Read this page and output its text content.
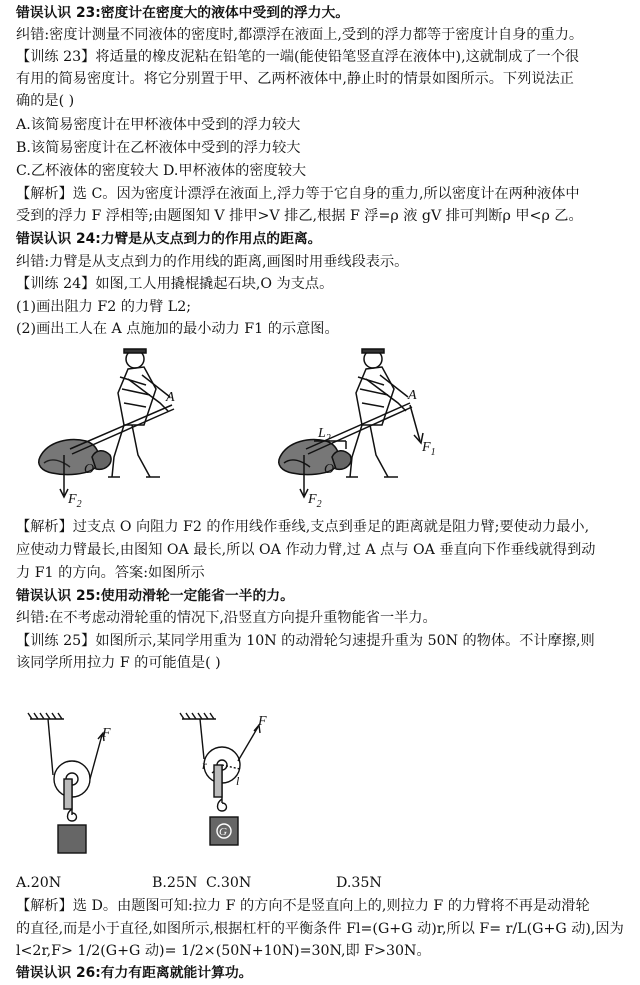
错误认识 23:密度计在密度大的液体中受到的浮力大。
纠错:密度计测量不同液体的密度时,都漂浮在液面上,受到的浮力都等于密度计自身的重力。
【训练 23】将适量的橡皮泥粘在铅笔的一端(能使铅笔竖直浮在液体中),这就制成了一个很
有用的简易密度计。将它分别置于甲、乙两杯液体中,静止时的情景如图所示。下列说法正
确的是( )
A.该简易密度计在甲杯液体中受到的浮力较大
B.该简易密度计在乙杯液体中受到的浮力较大
C.乙杯液体的密度较大 D.甲杯液体的密度较大
【解析】选 C。因为密度计漂浮在液面上,浮力等于它自身的重力,所以密度计在两种液体中
受到的浮力 F 浮相等;由题图知 V 排甲>V 排乙,根据 F 浮=ρ 液 gV 排可判断ρ 甲<ρ 乙。
错误认识 24:力臂是从支点到力的作用点的距离。
纠错:力臂是从支点到力的作用线的距离,画图时用垂线段表示。
【训练 24】如图,工人用撬棍撬起石块,O 为支点。
(1)画出阻力 F2 的力臂 L2;
(2)画出工人在 A 点施加的最小动力 F1 的示意图。
A
O
$F_2$
A
O
$L_2$
$F_2$
$F_1$
【解析】过支点 O 向阻力 F2 的作用线作垂线,支点到垂足的距离就是阻力臂;要使动力最小,
应使动力臂最长,由图知 OA 最长,所以 OA 作动力臂,过 A 点与 OA 垂直向下作垂线就得到动
力 F1 的方向。答案:如图所示
错误认识 25:使用动滑轮一定能省一半的力。
纠错:在不考虑动滑轮重的情况下,沿竖直方向提升重物能省一半力。
【训练 25】如图所示,某同学用重为 10N 的动滑轮匀速提升重为 50N 的物体。不计摩擦,则
该同学所用拉力 F 的可能值是( )
F
F
r
l
G
A.20N	B.25N C.30N	D.35N
【解析】选 D。由题图可知:拉力 F 的方向不是竖直向上的,则拉力 F 的力臂将不再是动滑轮
的直径,而是小于直径,如图所示,根据杠杆的平衡条件 Fl=(G+G 动)r,所以 F= r/L(G+G 动),因为
l<2r,F> 1/2(G+G 动)= 1/2×(50N+10N)=30N,即 F>30N。
错误认识 26:有力有距离就能计算功。
